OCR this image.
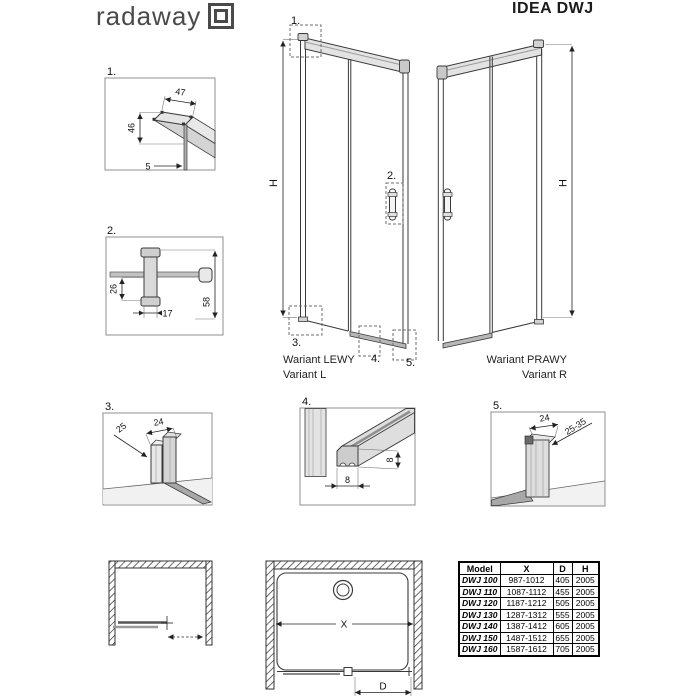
1.
47
46
5
2.
17
26
58
H
1.
2.
3.
4. 5.
Wariant LEWY
Variant L
H
Wariant PRAWY
Variant R
3.
24
25
4.
8
8
5.
24 25-35
X
D
radaway	IDEA DWJ
Model	X	D	H
DWJ 100	987-1012	405	2005
DWJ 110	1087-1112	455	2005
DWJ 120	1187-1212	505	2005
DWJ 130	1287-1312	555	2005
DWJ 140	1387-1412	605	2005
DWJ 150	1487-1512	655	2005
DWJ 160	1587-1612	705	2005
